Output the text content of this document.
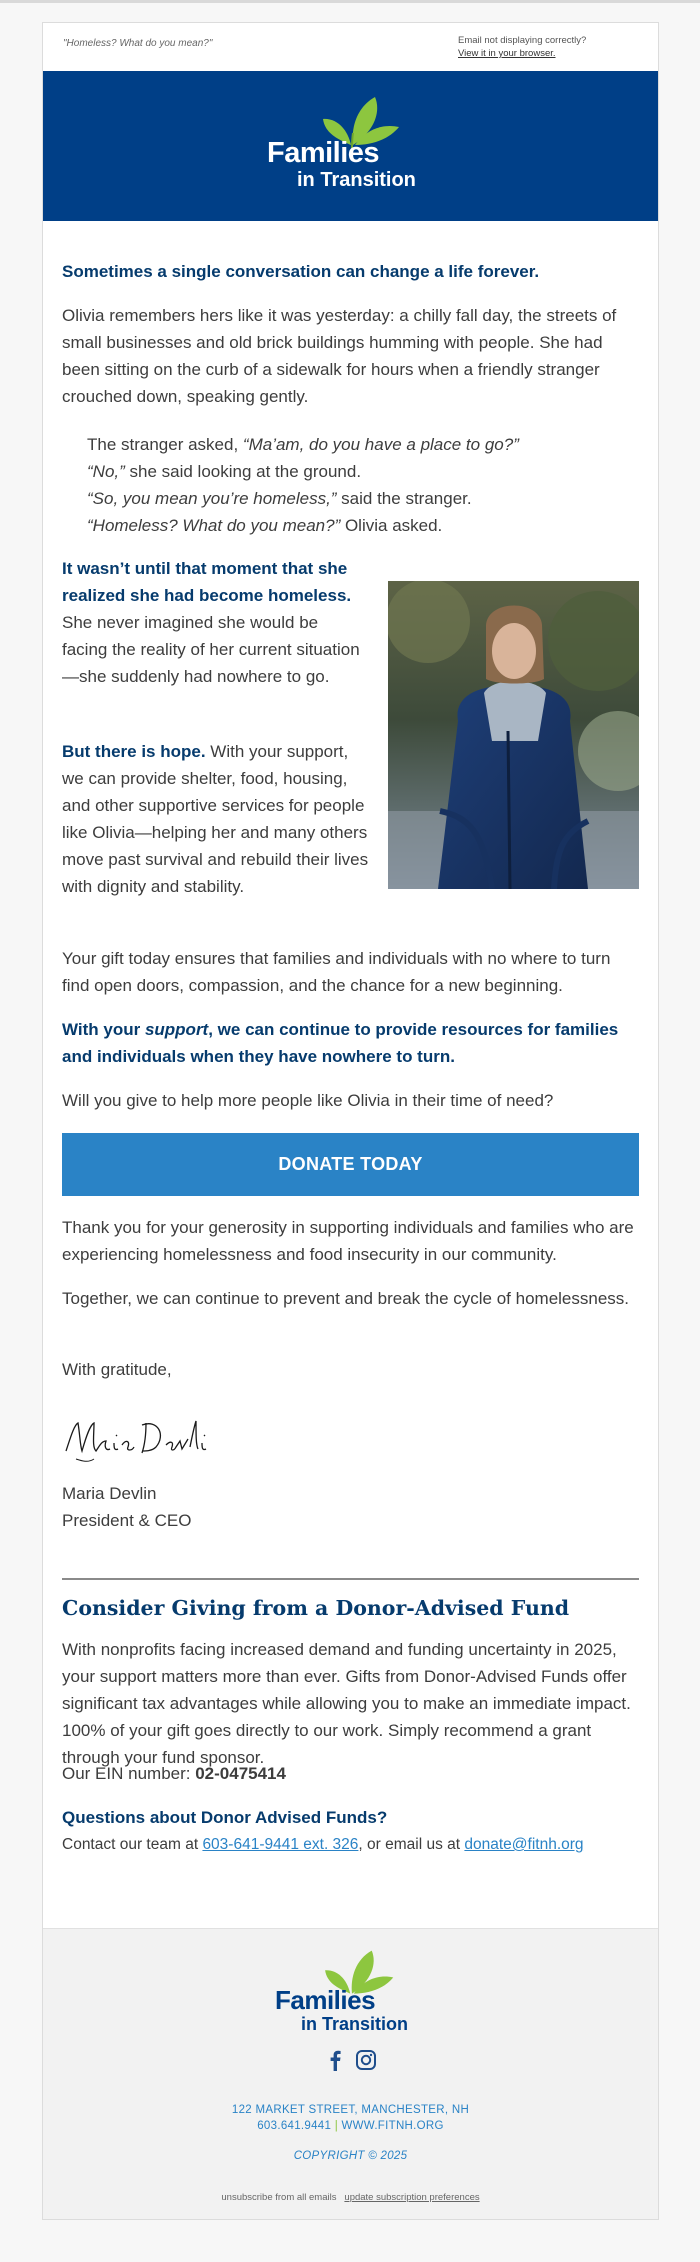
"Homeless? What do you mean?"	Email not displaying correctly?
View it in your browser.
Families
in Transition
Sometimes a single conversation can change a life forever.

Olivia remembers hers like it was yesterday: a chilly fall day, the streets of small businesses and old brick buildings humming with people. She had been sitting on the curb of a sidewalk for hours when a friendly stranger crouched down, speaking gently.

The stranger asked, “Ma’am, do you have a place to go?”

“No,” she said looking at the ground.

“So, you mean you’re homeless,” said the stranger.

“Homeless? What do you mean?” Olivia asked.

It wasn’t until that moment that she realized she had become homeless. She never imagined she would be facing the reality of her current situation—she suddenly had nowhere to go.

But there is hope. With your support, we can provide shelter, food, housing, and other supportive services for people like Olivia—helping her and many others move past survival and rebuild their lives with dignity and stability.

Your gift today ensures that families and individuals with no where to turn find open doors, compassion, and the chance for a new beginning.

With your support, we can continue to provide resources for families and individuals when they have nowhere to turn.

Will you give to help more people like Olivia in their time of need?

DONATE TODAY

Thank you for your generosity in supporting individuals and families who are experiencing homelessness and food insecurity in our community.

Together, we can continue to prevent and break the cycle of homelessness.

With gratitude,

Maria Devlin

President & CEO

Consider Giving from a Donor-Advised Fund

With nonprofits facing increased demand and funding uncertainty in 2025, your support matters more than ever. Gifts from Donor-Advised Funds offer significant tax advantages while allowing you to make an immediate impact. 100% of your gift goes directly to our work. Simply recommend a grant through your fund sponsor.

Our EIN number: 02-0475414

Questions about Donor Advised Funds?

Contact our team at 603-641-9441 ext. 326, or email us at donate@fitnh.org

Families
in Transition
122 MARKET STREET, MANCHESTER, NH
603.641.9441 | WWW.FITNH.ORG
COPYRIGHT © 2025
unsubscribe from all emails update subscription preferences
